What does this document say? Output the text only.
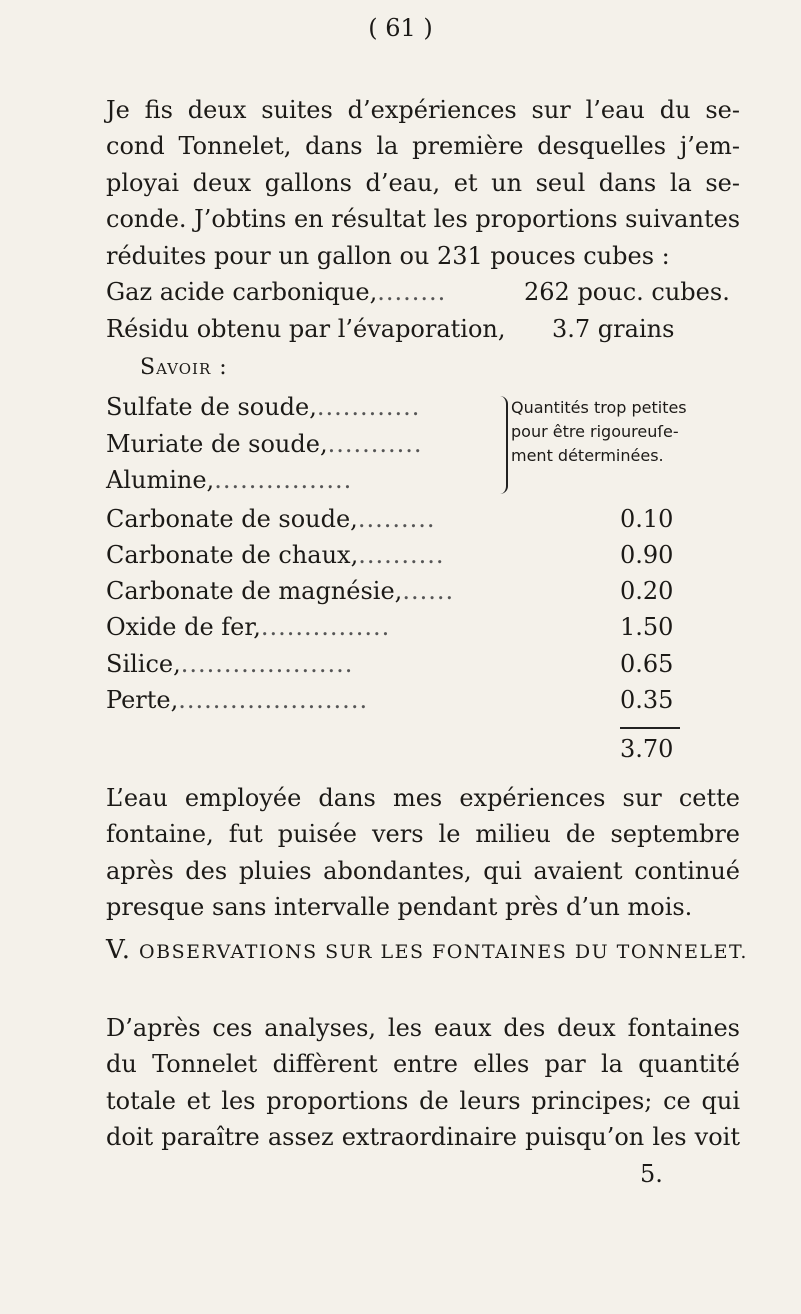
( 61 )

Je fis deux suites d’expériences sur l’eau du se-
cond Tonnelet, dans la première desquelles j’em-
ployai deux gallons d’eau, et un seul dans la se-
conde. J’obtins en résultat les proportions suivantes
réduites pour un gallon ou 231 pouces cubes :

Gaz acide carbonique,........	262 pouc. cubes.
Résidu obtenu par l’évaporation, 3.7 grains
Savoir :
Sulfate de soude,............
Muriate de soude,...........
Alumine,................
Quantités trop petites
pour être rigoureuſe-
ment déterminées.
Carbonate de soude,.........	0.10
Carbonate de chaux,..........	0.90
Carbonate de magnésie,......	0.20
Oxide de fer,...............	1.50
Silice,....................	0.65
Perte,......................	0.35
3.70

L’eau employée dans mes expériences sur cette
fontaine, fut puisée vers le milieu de septembre
après des pluies abondantes, qui avaient continué
presque sans intervalle pendant près d’un mois.

V. OBSERVATIONS SUR LES FONTAINES DU TONNELET.

D’après ces analyses, les eaux des deux fontaines
du Tonnelet diffèrent entre elles par la quantité
totale et les proportions de leurs principes; ce qui
doit paraître assez extraordinaire puisqu’on les voit

5.
